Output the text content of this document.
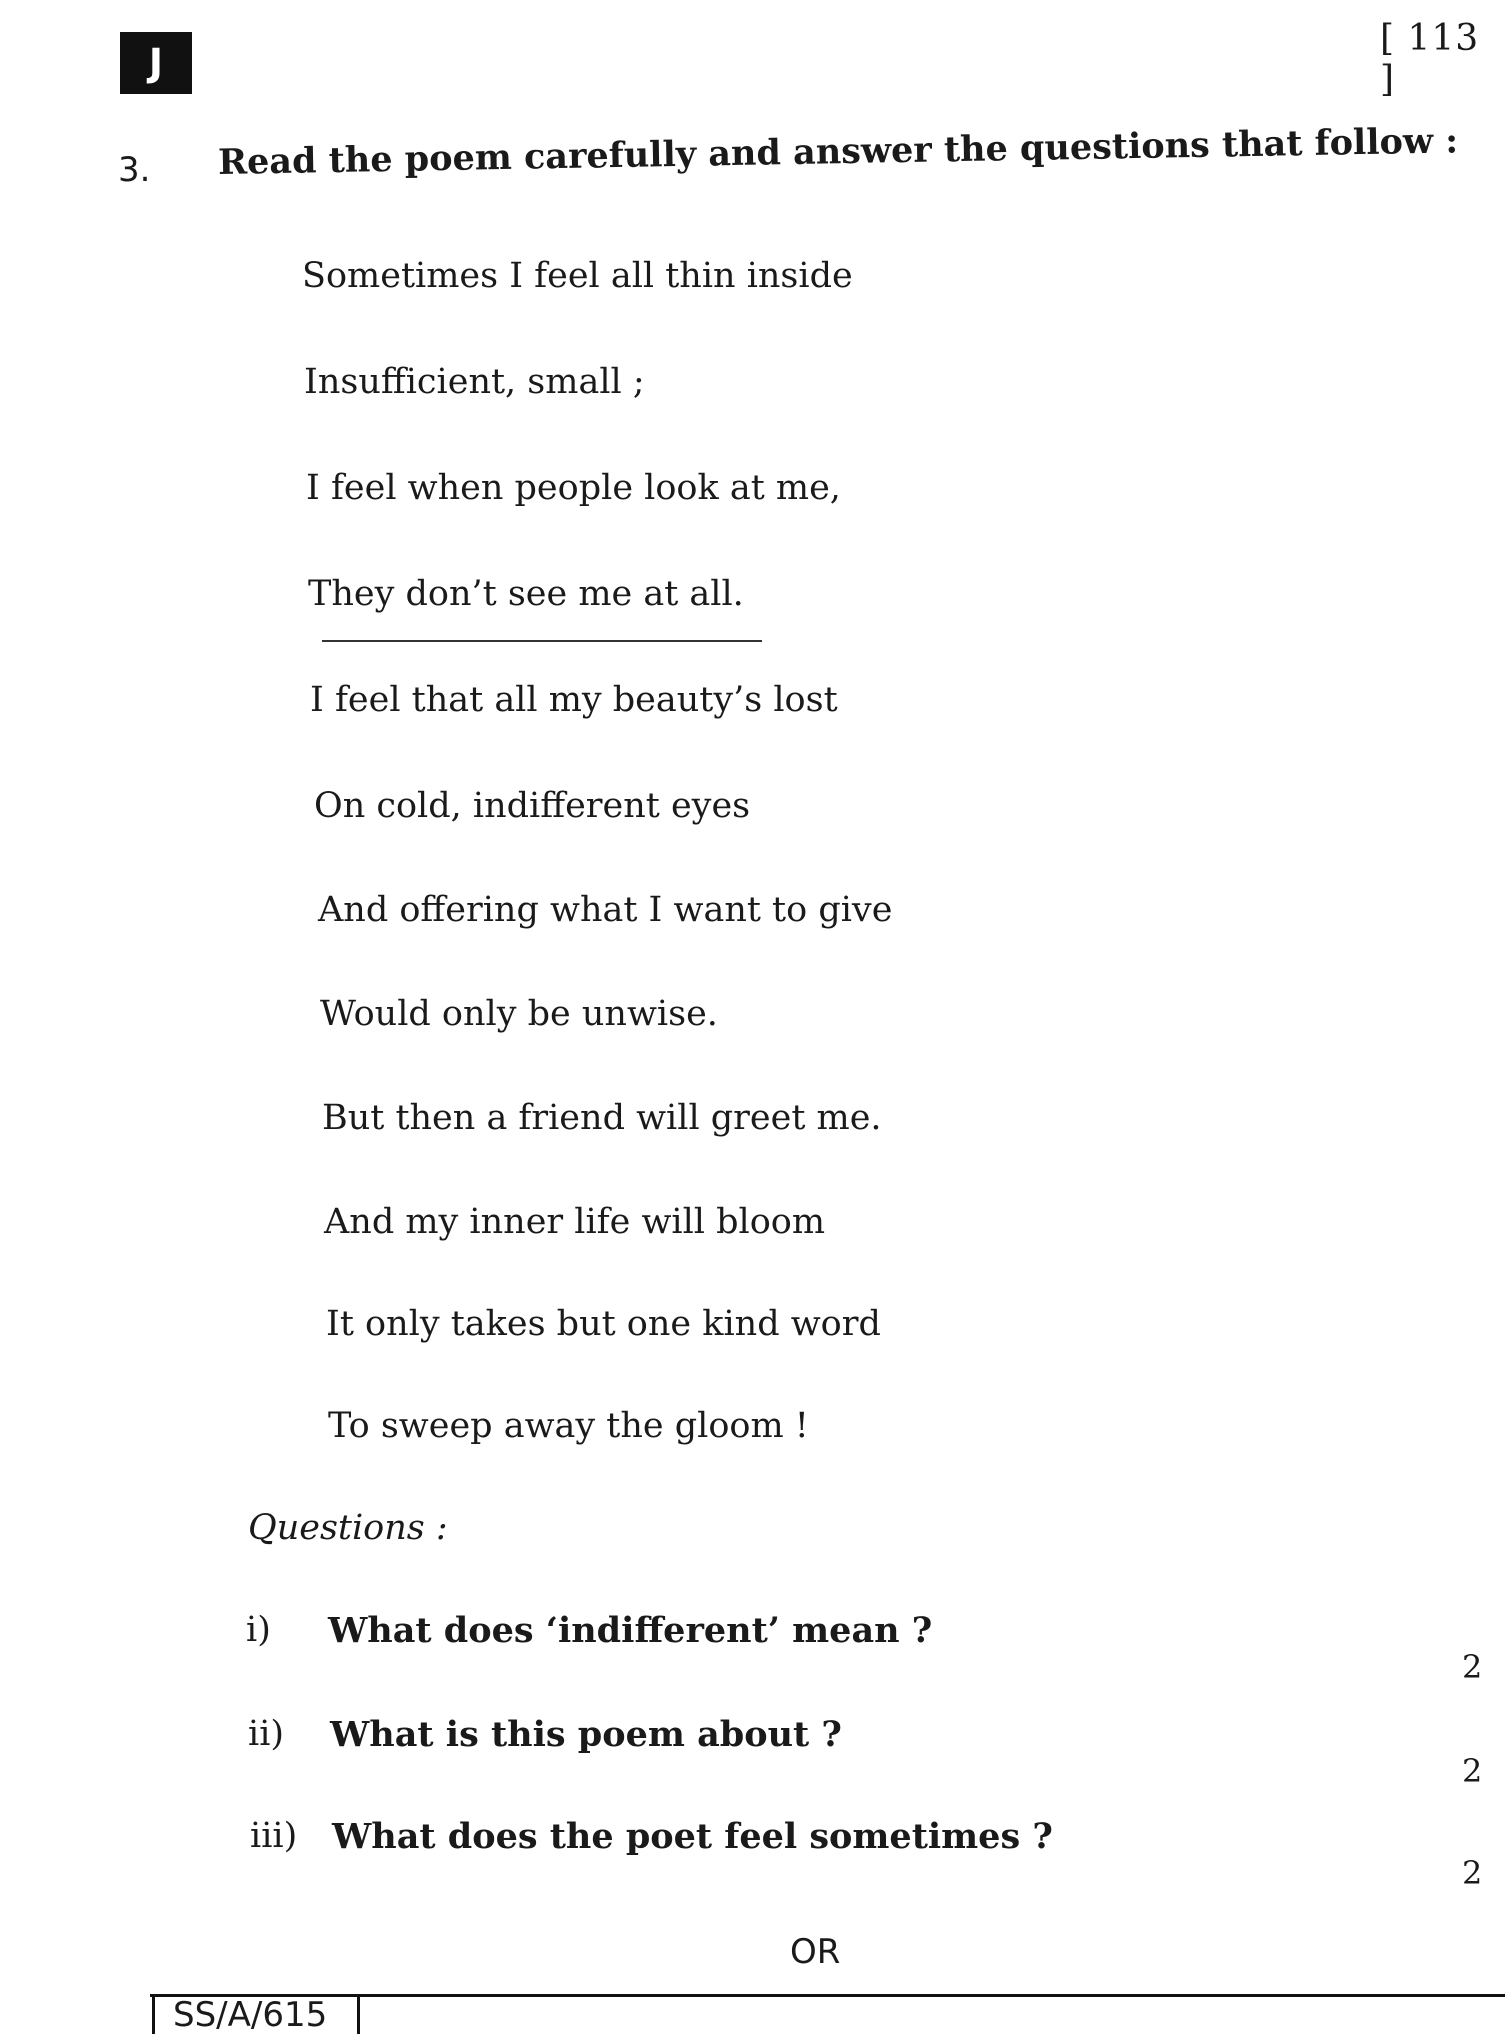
J
[ 113 ]
3. Read the poem carefully and answer the questions that follow :
Sometimes I feel all thin inside
Insufficient, small ;
I feel when people look at me,
They don’t see me at all.
I feel that all my beauty’s lost
On cold, indifferent eyes
And offering what I want to give
Would only be unwise.
But then a friend will greet me.
And my inner life will bloom
It only takes but one kind word
To sweep away the gloom !
Questions :
i) What does ‘indifferent’ mean ?
2
ii) What is this poem about ?
2
iii) What does the poet feel sometimes ?
2
OR
SS/A/615
